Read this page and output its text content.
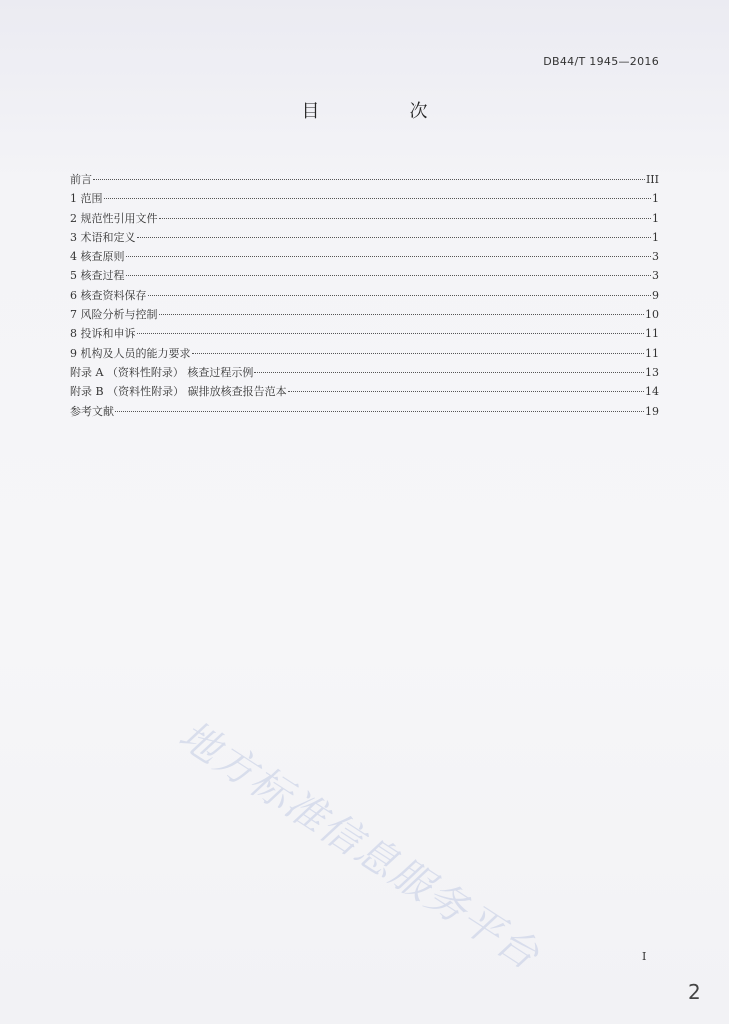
DB44/T 1945—2016
目　次
前言	III
1 范围	1
2 规范性引用文件	1
3 术语和定义	1
4 核查原则	3
5 核查过程	3
6 核查资料保存	9
7 风险分析与控制	10
8 投诉和申诉	11
9 机构及人员的能力要求	11
附录 A （资料性附录） 核查过程示例	13
附录 B （资料性附录） 碳排放核查报告范本	14
参考文献	19
地方标准信息服务平台	I
2
